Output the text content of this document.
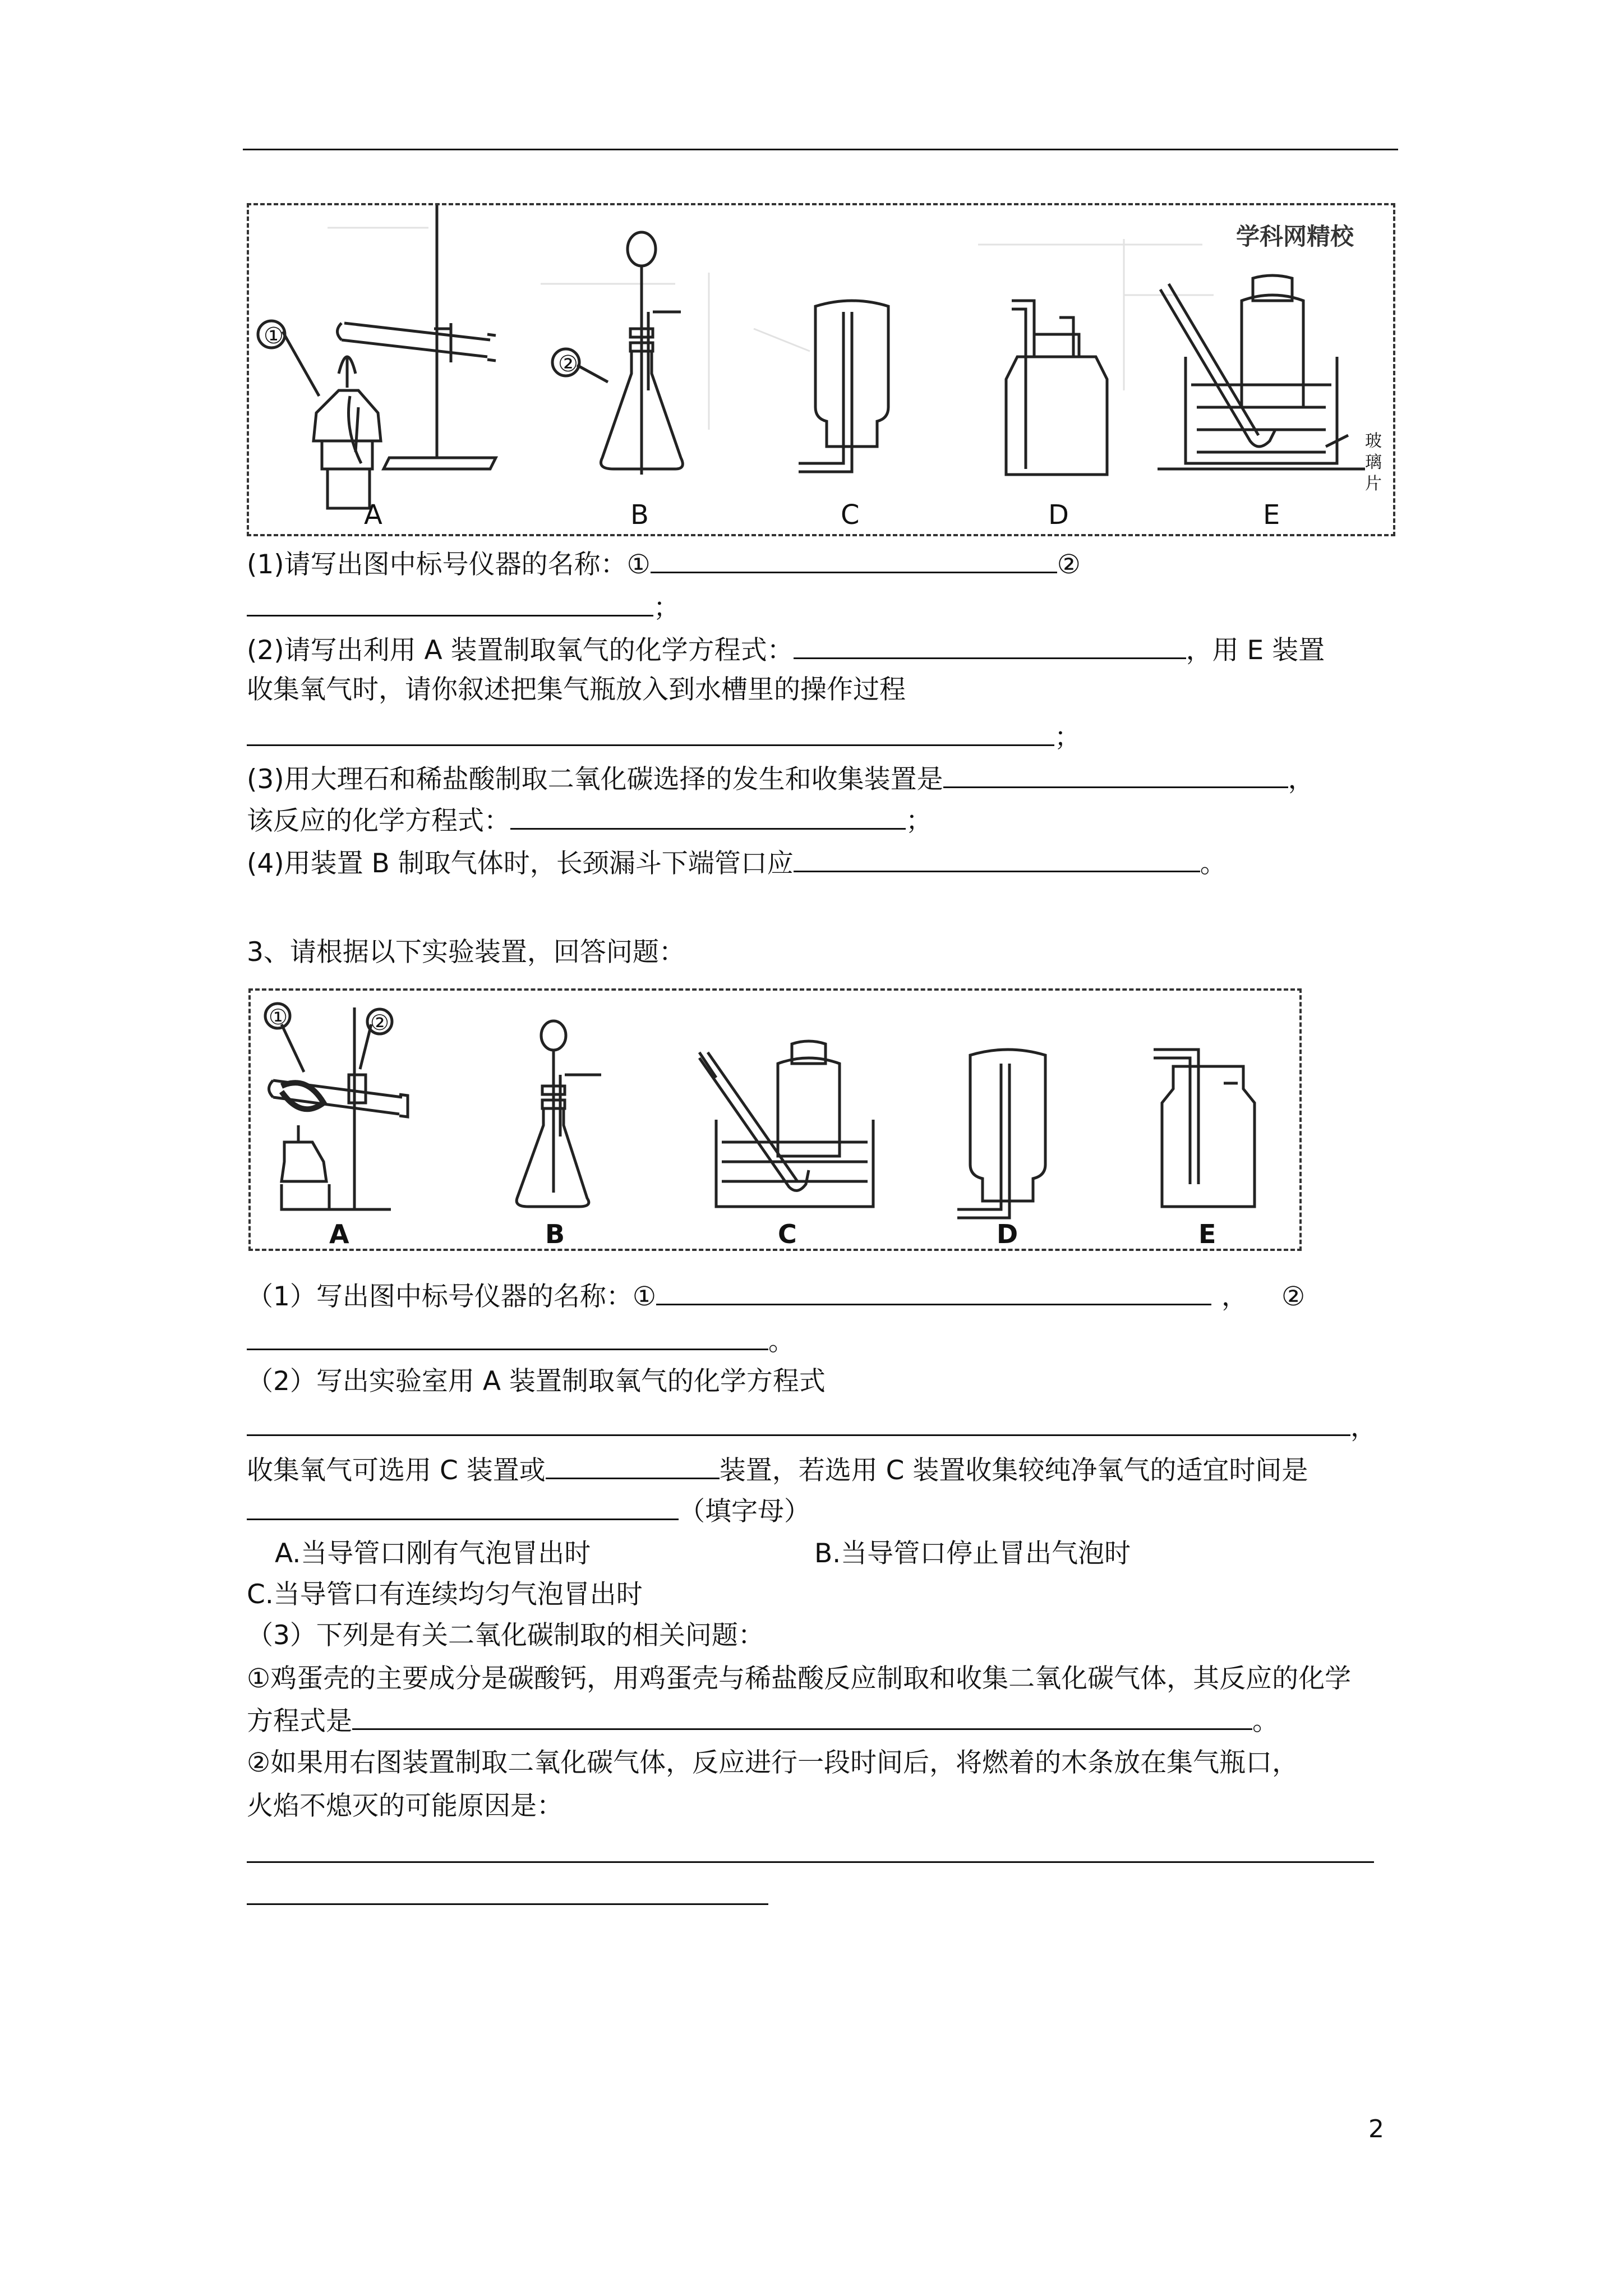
A	B	C	D	E
①
②
学科网精校
玻
璃
片
(1)请写出图中标号仪器的名称：①	②
；
(2)请写出利用 A 装置制取氧气的化学方程式：	，用 E 装置
收集氧气时，请你叙述把集气瓶放入到水槽里的操作过程
；
(3)用大理石和稀盐酸制取二氧化碳选择的发生和收集装置是	，
该反应的化学方程式：	；
(4)用装置 B 制取气体时，长颈漏斗下端管口应	。
3、请根据以下实验装置，回答问题：
A	B	C	D	E
①	②
（1）写出图中标号仪器的名称：①	， ②
。
（2）写出实验室用 A 装置制取氧气的化学方程式
，
收集氧气可选用 C 装置或	装置，若选用 C 装置收集较纯净氧气的适宜时间是
（填字母）
A.当导管口刚有气泡冒出时	B.当导管口停止冒出气泡时
C.当导管口有连续均匀气泡冒出时
（3）下列是有关二氧化碳制取的相关问题：
①鸡蛋壳的主要成分是碳酸钙，用鸡蛋壳与稀盐酸反应制取和收集二氧化碳气体，其反应的化学
方程式是	。
②如果用右图装置制取二氧化碳气体，反应进行一段时间后，将燃着的木条放在集气瓶口，
火焰不熄灭的可能原因是：
2
